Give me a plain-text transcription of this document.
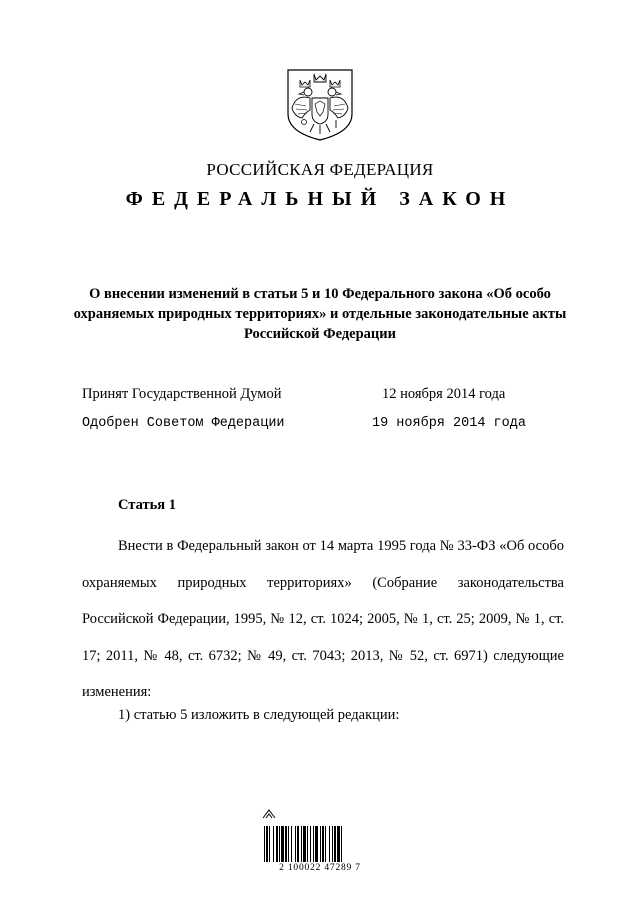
РОССИЙСКАЯ ФЕДЕРАЦИЯ
ФЕДЕРАЛЬНЫЙ ЗАКОН
О внесении изменений в статьи 5 и 10 Федерального закона «Об особо охраняемых природных территориях» и отдельные законодательные акты Российской Федерации
Принят Государственной Думой	12 ноября 2014 года
Одобрен Советом Федерации	19 ноября 2014 года
Статья 1

Внести в Федеральный закон от 14 марта 1995 года № 33-ФЗ «Об особо охраняемых природных территориях» (Собрание законодательства Российской Федерации, 1995, № 12, ст. 1024; 2005, № 1, ст. 25; 2009, № 1, ст. 17; 2011, № 48, ст. 6732; № 49, ст. 7043; 2013, № 52, ст. 6971) следующие изменения:

1) статью 5 изложить в следующей редакции:
2 100022 47289 7
